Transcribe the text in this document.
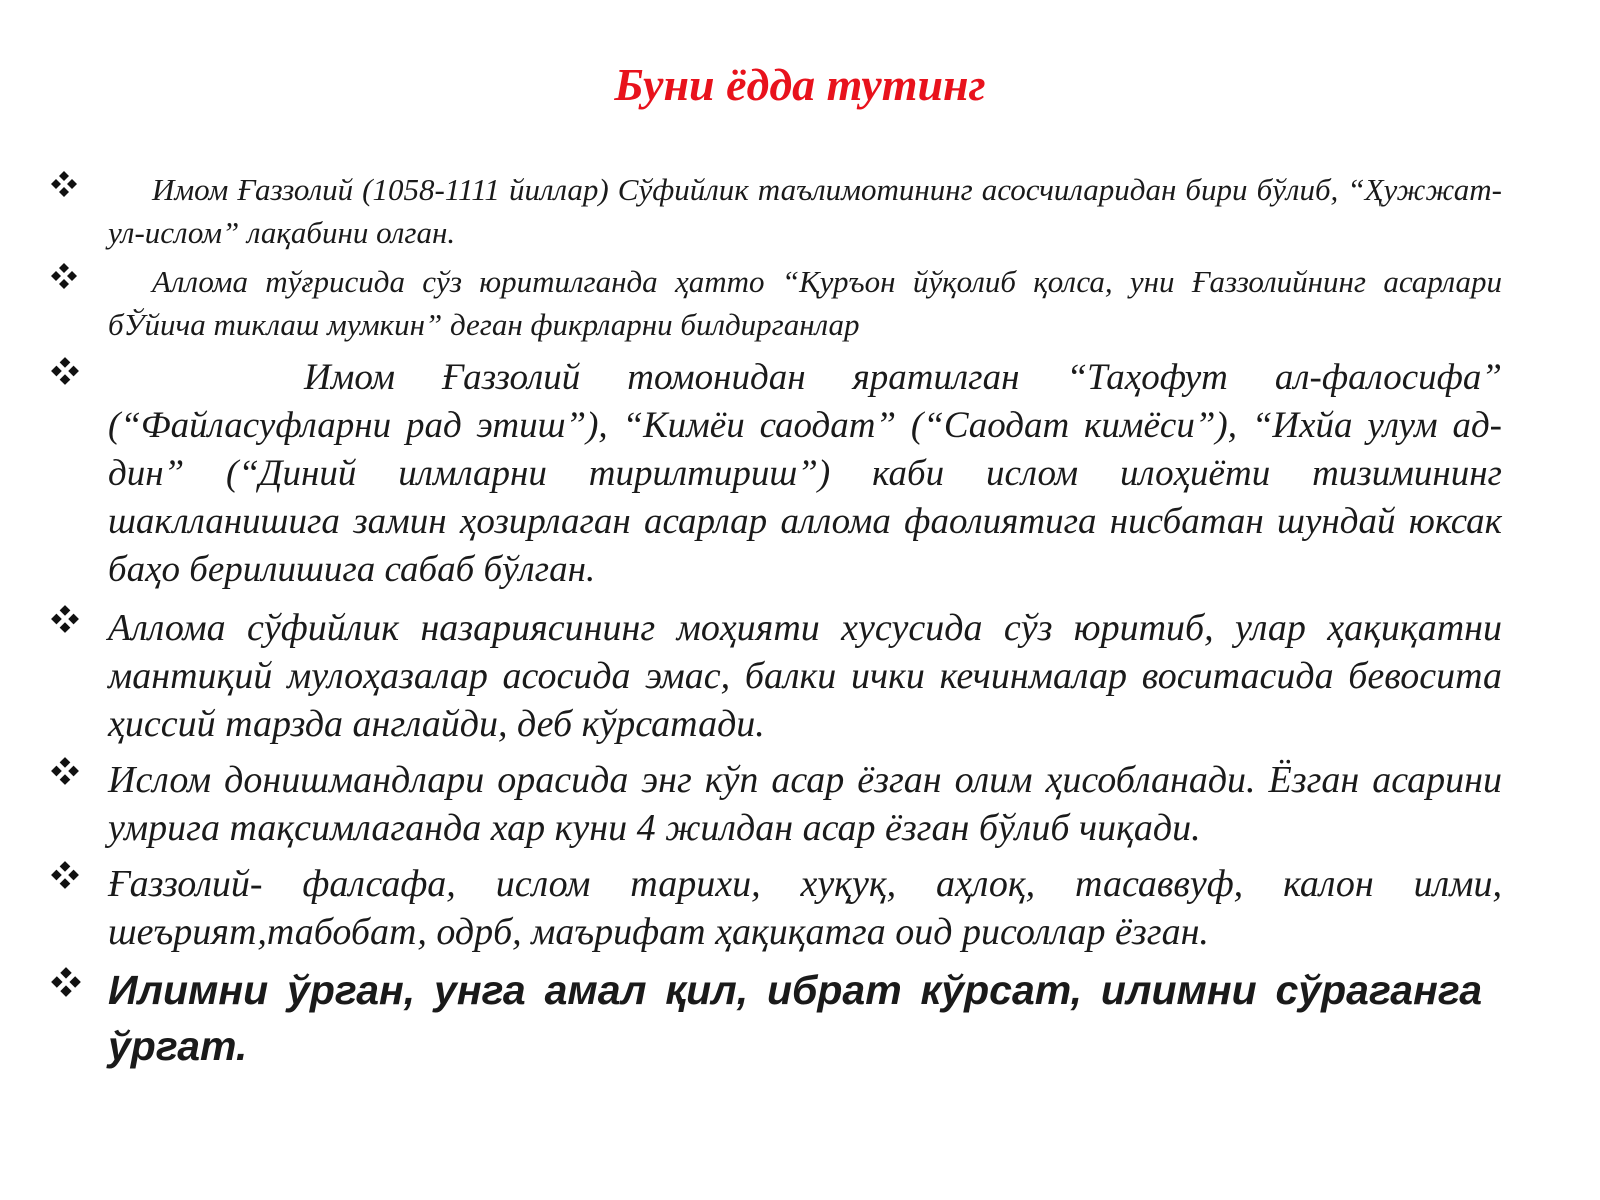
Буни ёдда тутинг

Имом Ғаззолий (1058-1111 йиллар) Сўфийлик таълимотининг асосчиларидан бири бўлиб, “Ҳужжат-ул-ислом” лақабини олган.

Аллома тўғрисида сўз юритилганда ҳатто “Қуръон йўқолиб қолса, уни Ғаззолийнинг асарлари бЎйича тиклаш мумкин” деган фикрларни билдирганлар

Имом Ғаззолий томонидан яратилган “Таҳофут ал-фалосифа” (“Файласуфларни рад этиш”), “Кимёи саодат” (“Саодат кимёси”), “Ихйа улум ад-дин” (“Диний илмларни тирилтириш”) каби ислом илоҳиёти тизимининг шаклланишига замин ҳозирлаган асарлар аллома фаолиятига нисбатан шундай юксак баҳо берилишига сабаб бўлган.

Аллома сўфийлик назариясининг моҳияти хусусида сўз юритиб, улар ҳақиқатни мантиқий мулоҳазалар асосида эмас, балки ички кечинмалар воситасида бевосита ҳиссий тарзда англайди, деб кўрсатади.

Ислом донишмандлари орасида энг кўп асар ёзган олим ҳисобланади. Ёзган асарини умрига тақсимлаганда хар куни 4 жилдан асар ёзган бўлиб чиқади.

Ғаззолий- фалсафа, ислом тарихи, хуқуқ, аҳлоқ, тасаввуф, калон илми, шеърият,табобат, одрб, маърифат ҳақиқатга оид рисоллар ёзган.

Илимни ўрган, унга амал қил, ибрат кўрсат, илимни сўраганга ўргат.
